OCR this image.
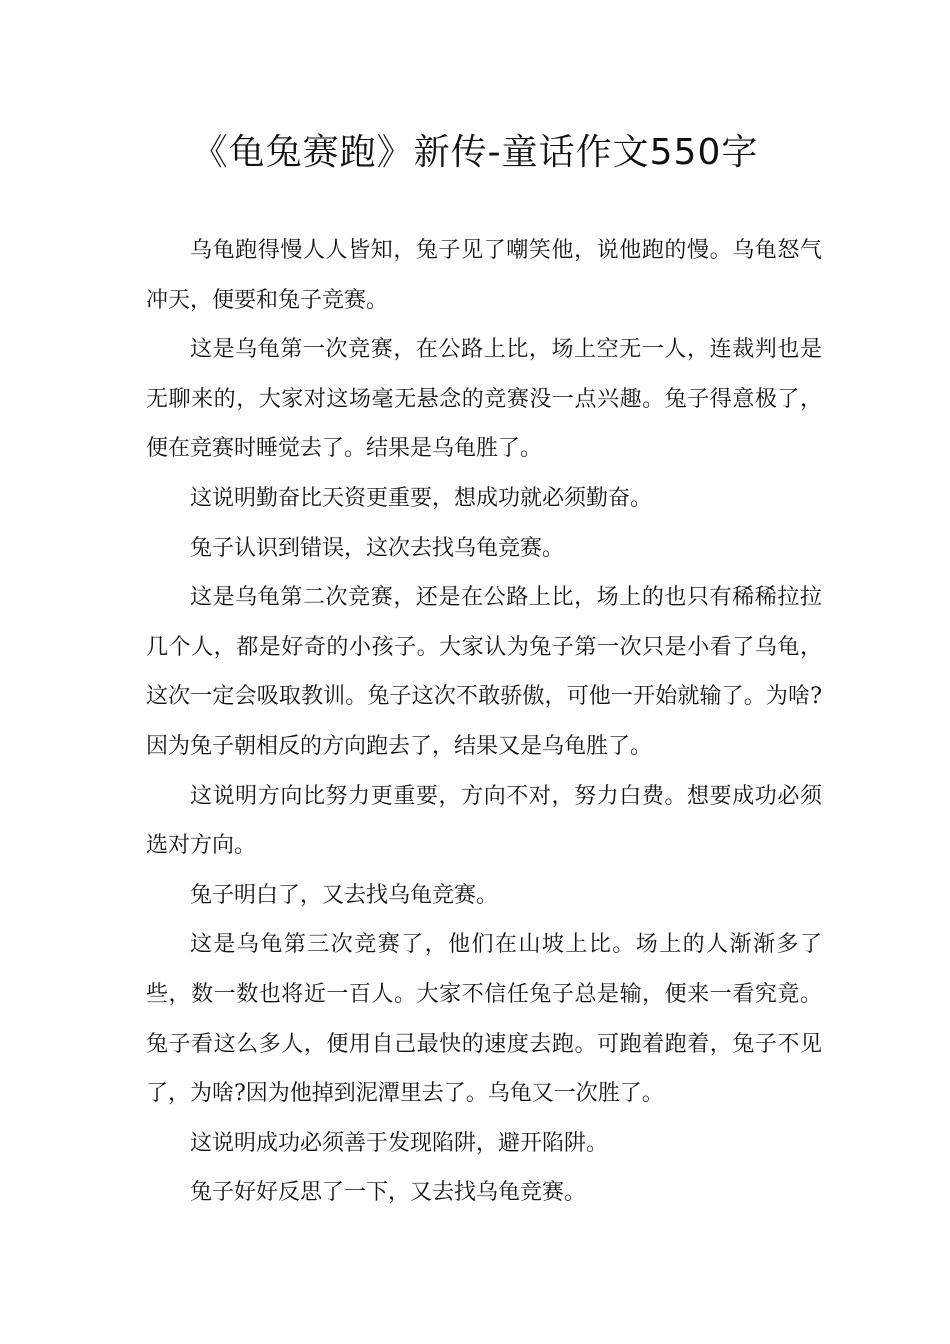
《龟兔赛跑》新传-童话作文550字

乌龟跑得慢人人皆知，兔子见了嘲笑他，说他跑的慢。乌龟怒气冲天，便要和兔子竞赛。

这是乌龟第一次竞赛，在公路上比，场上空无一人，连裁判也是无聊来的，大家对这场毫无悬念的竞赛没一点兴趣。兔子得意极了，便在竞赛时睡觉去了。结果是乌龟胜了。

这说明勤奋比天资更重要，想成功就必须勤奋。

兔子认识到错误，这次去找乌龟竞赛。

这是乌龟第二次竞赛，还是在公路上比，场上的也只有稀稀拉拉几个人，都是好奇的小孩子。大家认为兔子第一次只是小看了乌龟，这次一定会吸取教训。兔子这次不敢骄傲，可他一开始就输了。为啥?因为兔子朝相反的方向跑去了，结果又是乌龟胜了。

这说明方向比努力更重要，方向不对，努力白费。想要成功必须选对方向。

兔子明白了，又去找乌龟竞赛。

这是乌龟第三次竞赛了，他们在山坡上比。场上的人渐渐多了些，数一数也将近一百人。大家不信任兔子总是输，便来一看究竟。兔子看这么多人，便用自己最快的速度去跑。可跑着跑着，兔子不见了，为啥?因为他掉到泥潭里去了。乌龟又一次胜了。

这说明成功必须善于发现陷阱，避开陷阱。

兔子好好反思了一下，又去找乌龟竞赛。
